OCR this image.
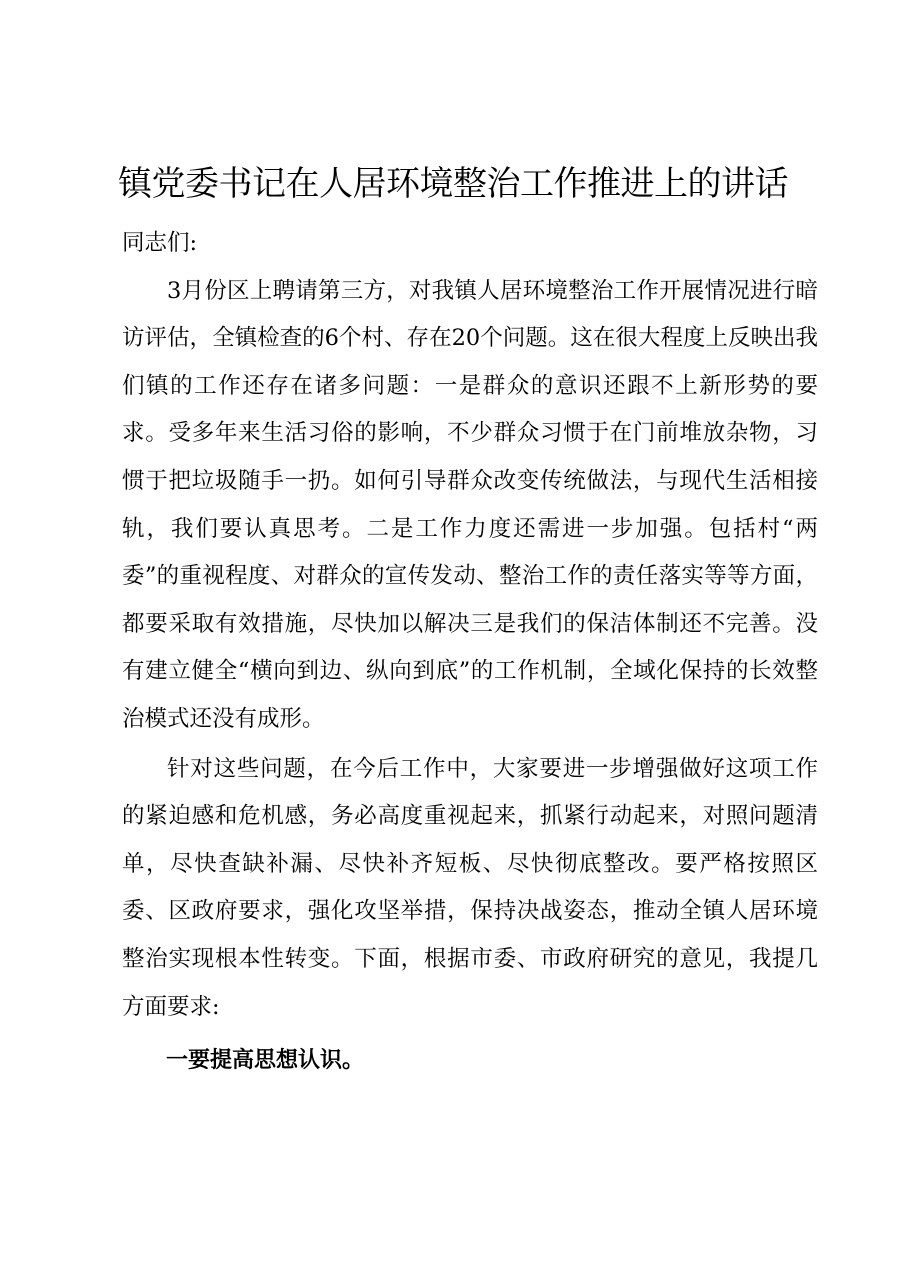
镇党委书记在人居环境整治工作推进上的讲话

同志们:

3月份区上聘请第三方，对我镇人居环境整治工作开展情况进行暗访评估，全镇检查的6个村、存在20个问题。这在很大程度上反映出我们镇的工作还存在诸多问题：一是群众的意识还跟不上新形势的要求。受多年来生活习俗的影响，不少群众习惯于在门前堆放杂物，习惯于把垃圾随手一扔。如何引导群众改变传统做法，与现代生活相接轨，我们要认真思考。二是工作力度还需进一步加强。包括村“两委”的重视程度、对群众的宣传发动、整治工作的责任落实等等方面，都要采取有效措施，尽快加以解决三是我们的保洁体制还不完善。没有建立健全“横向到边、纵向到底”的工作机制，全域化保持的长效整治模式还没有成形。

针对这些问题，在今后工作中，大家要进一步增强做好这项工作的紧迫感和危机感，务必高度重视起来，抓紧行动起来，对照问题清单，尽快查缺补漏、尽快补齐短板、尽快彻底整改。要严格按照区委、区政府要求，强化攻坚举措，保持决战姿态，推动全镇人居环境整治实现根本性转变。下面，根据市委、市政府研究的意见，我提几方面要求:

一要提高思想认识。
